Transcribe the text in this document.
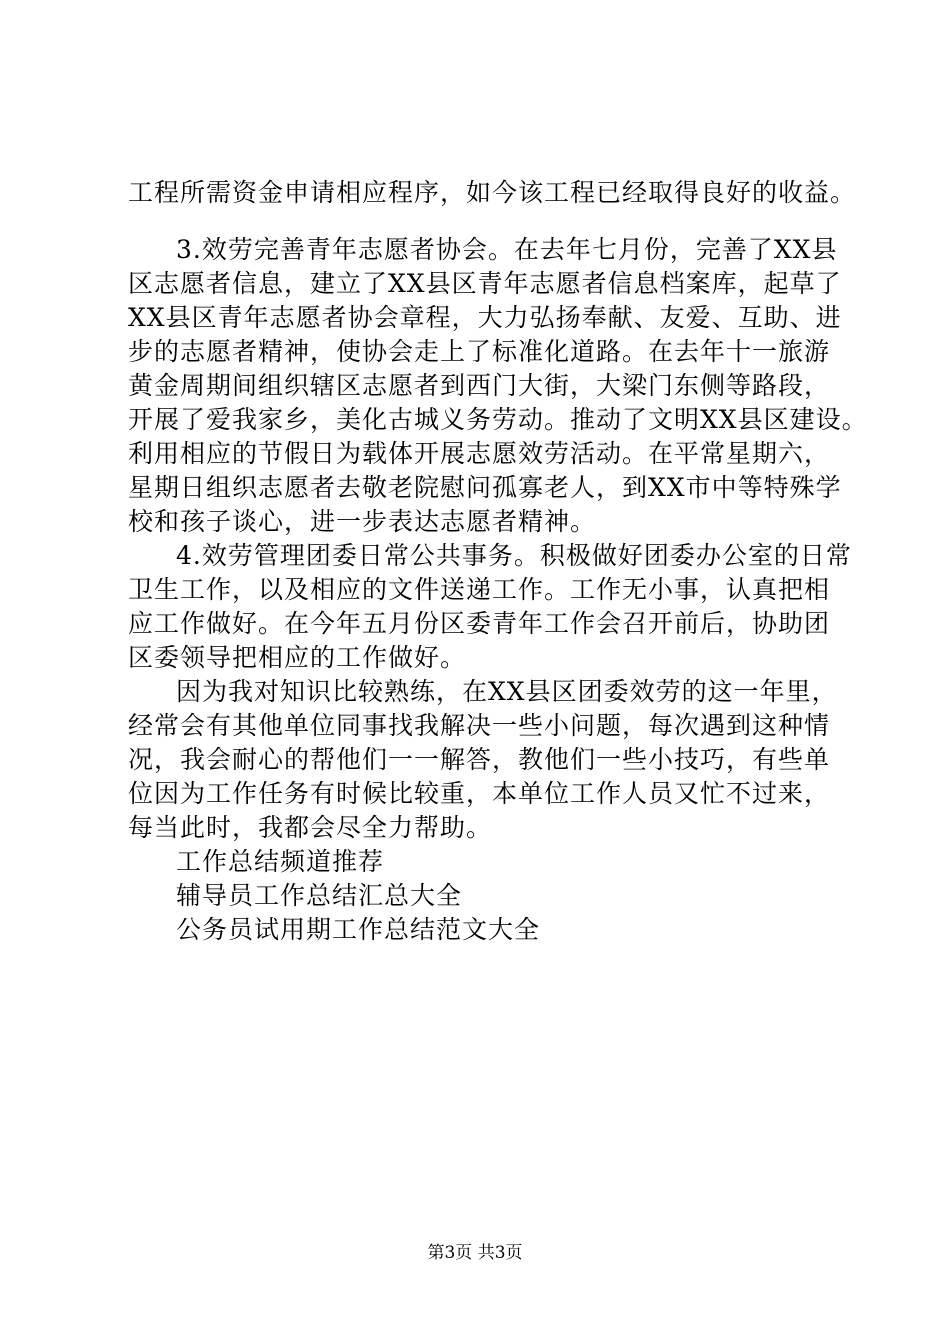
工程所需资金申请相应程序，如今该工程已经取得良好的收益。
3.效劳完善青年志愿者协会。在去年七月份，完善了XX县
区志愿者信息，建立了XX县区青年志愿者信息档案库，起草了
XX县区青年志愿者协会章程，大力弘扬奉献、友爱、互助、进
步的志愿者精神，使协会走上了标准化道路。在去年十一旅游
黄金周期间组织辖区志愿者到西门大街，大梁门东侧等路段，
开展了爱我家乡，美化古城义务劳动。推动了文明XX县区建设。
利用相应的节假日为载体开展志愿效劳活动。在平常星期六，
星期日组织志愿者去敬老院慰问孤寡老人，到XX市中等特殊学
校和孩子谈心，进一步表达志愿者精神。
4.效劳管理团委日常公共事务。积极做好团委办公室的日常
卫生工作，以及相应的文件送递工作。工作无小事，认真把相
应工作做好。在今年五月份区委青年工作会召开前后，协助团
区委领导把相应的工作做好。
因为我对知识比较熟练，在XX县区团委效劳的这一年里，
经常会有其他单位同事找我解决一些小问题，每次遇到这种情
况，我会耐心的帮他们一一解答，教他们一些小技巧，有些单
位因为工作任务有时候比较重，本单位工作人员又忙不过来，
每当此时，我都会尽全力帮助。
工作总结频道推荐
辅导员工作总结汇总大全
公务员试用期工作总结范文大全
第3页 共3页
